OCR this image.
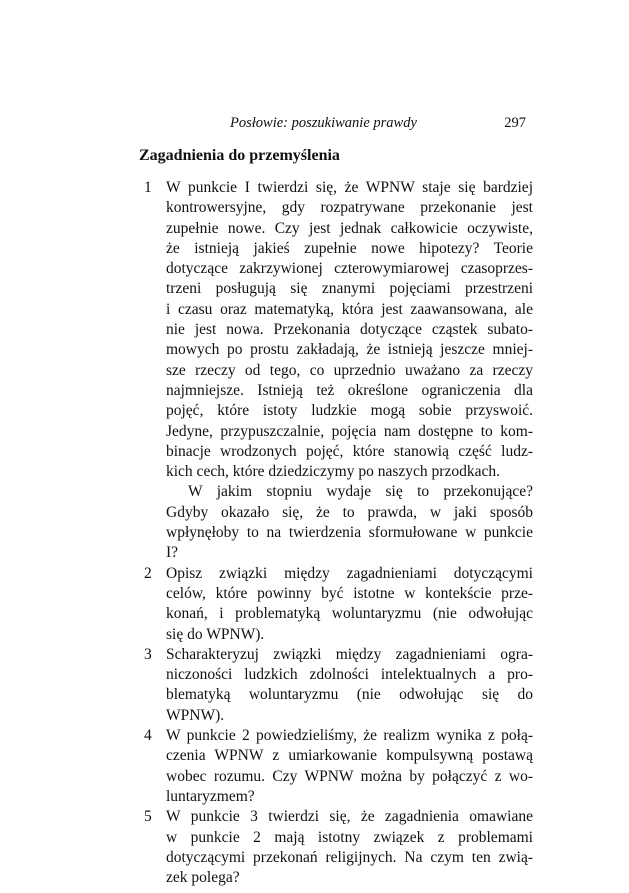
Posłowie: poszukiwanie prawdy	297
Zagadnienia do przemyślenia
1 W punkcie I twierdzi się, że WPNW staje się bardziej
kontrowersyjne, gdy rozpatrywane przekonanie jest
zupełnie nowe. Czy jest jednak całkowicie oczywiste,
że istnieją jakieś zupełnie nowe hipotezy? Teorie
dotyczące zakrzywionej czterowymiarowej czasoprzes-
trzeni posługują się znanymi pojęciami przestrzeni
i czasu oraz matematyką, która jest zaawansowana, ale
nie jest nowa. Przekonania dotyczące cząstek subato-
mowych po prostu zakładają, że istnieją jeszcze mniej-
sze rzeczy od tego, co uprzednio uważano za rzeczy
najmniejsze. Istnieją też określone ograniczenia dla
pojęć, które istoty ludzkie mogą sobie przyswoić.
Jedyne, przypuszczalnie, pojęcia nam dostępne to kom-
binacje wrodzonych pojęć, które stanowią część ludz-
kich cech, które dziedziczymy po naszych przodkach.
W jakim stopniu wydaje się to przekonujące?
Gdyby okazało się, że to prawda, w jaki sposób
wpłynęłoby to na twierdzenia sformułowane w punkcie
I?
2 Opisz związki między zagadnieniami dotyczącymi
celów, które powinny być istotne w kontekście prze-
konań, i problematyką woluntaryzmu (nie odwołując
się do WPNW).
3 Scharakteryzuj związki między zagadnieniami ogra-
niczoności ludzkich zdolności intelektualnych a pro-
blematyką woluntaryzmu (nie odwołując się do
WPNW).
4 W punkcie 2 powiedzieliśmy, że realizm wynika z połą-
czenia WPNW z umiarkowanie kompulsywną postawą
wobec rozumu. Czy WPNW można by połączyć z wo-
luntaryzmem?
5 W punkcie 3 twierdzi się, że zagadnienia omawiane
w punkcie 2 mają istotny związek z problemami
dotyczącymi przekonań religijnych. Na czym ten zwią-
zek polega?
